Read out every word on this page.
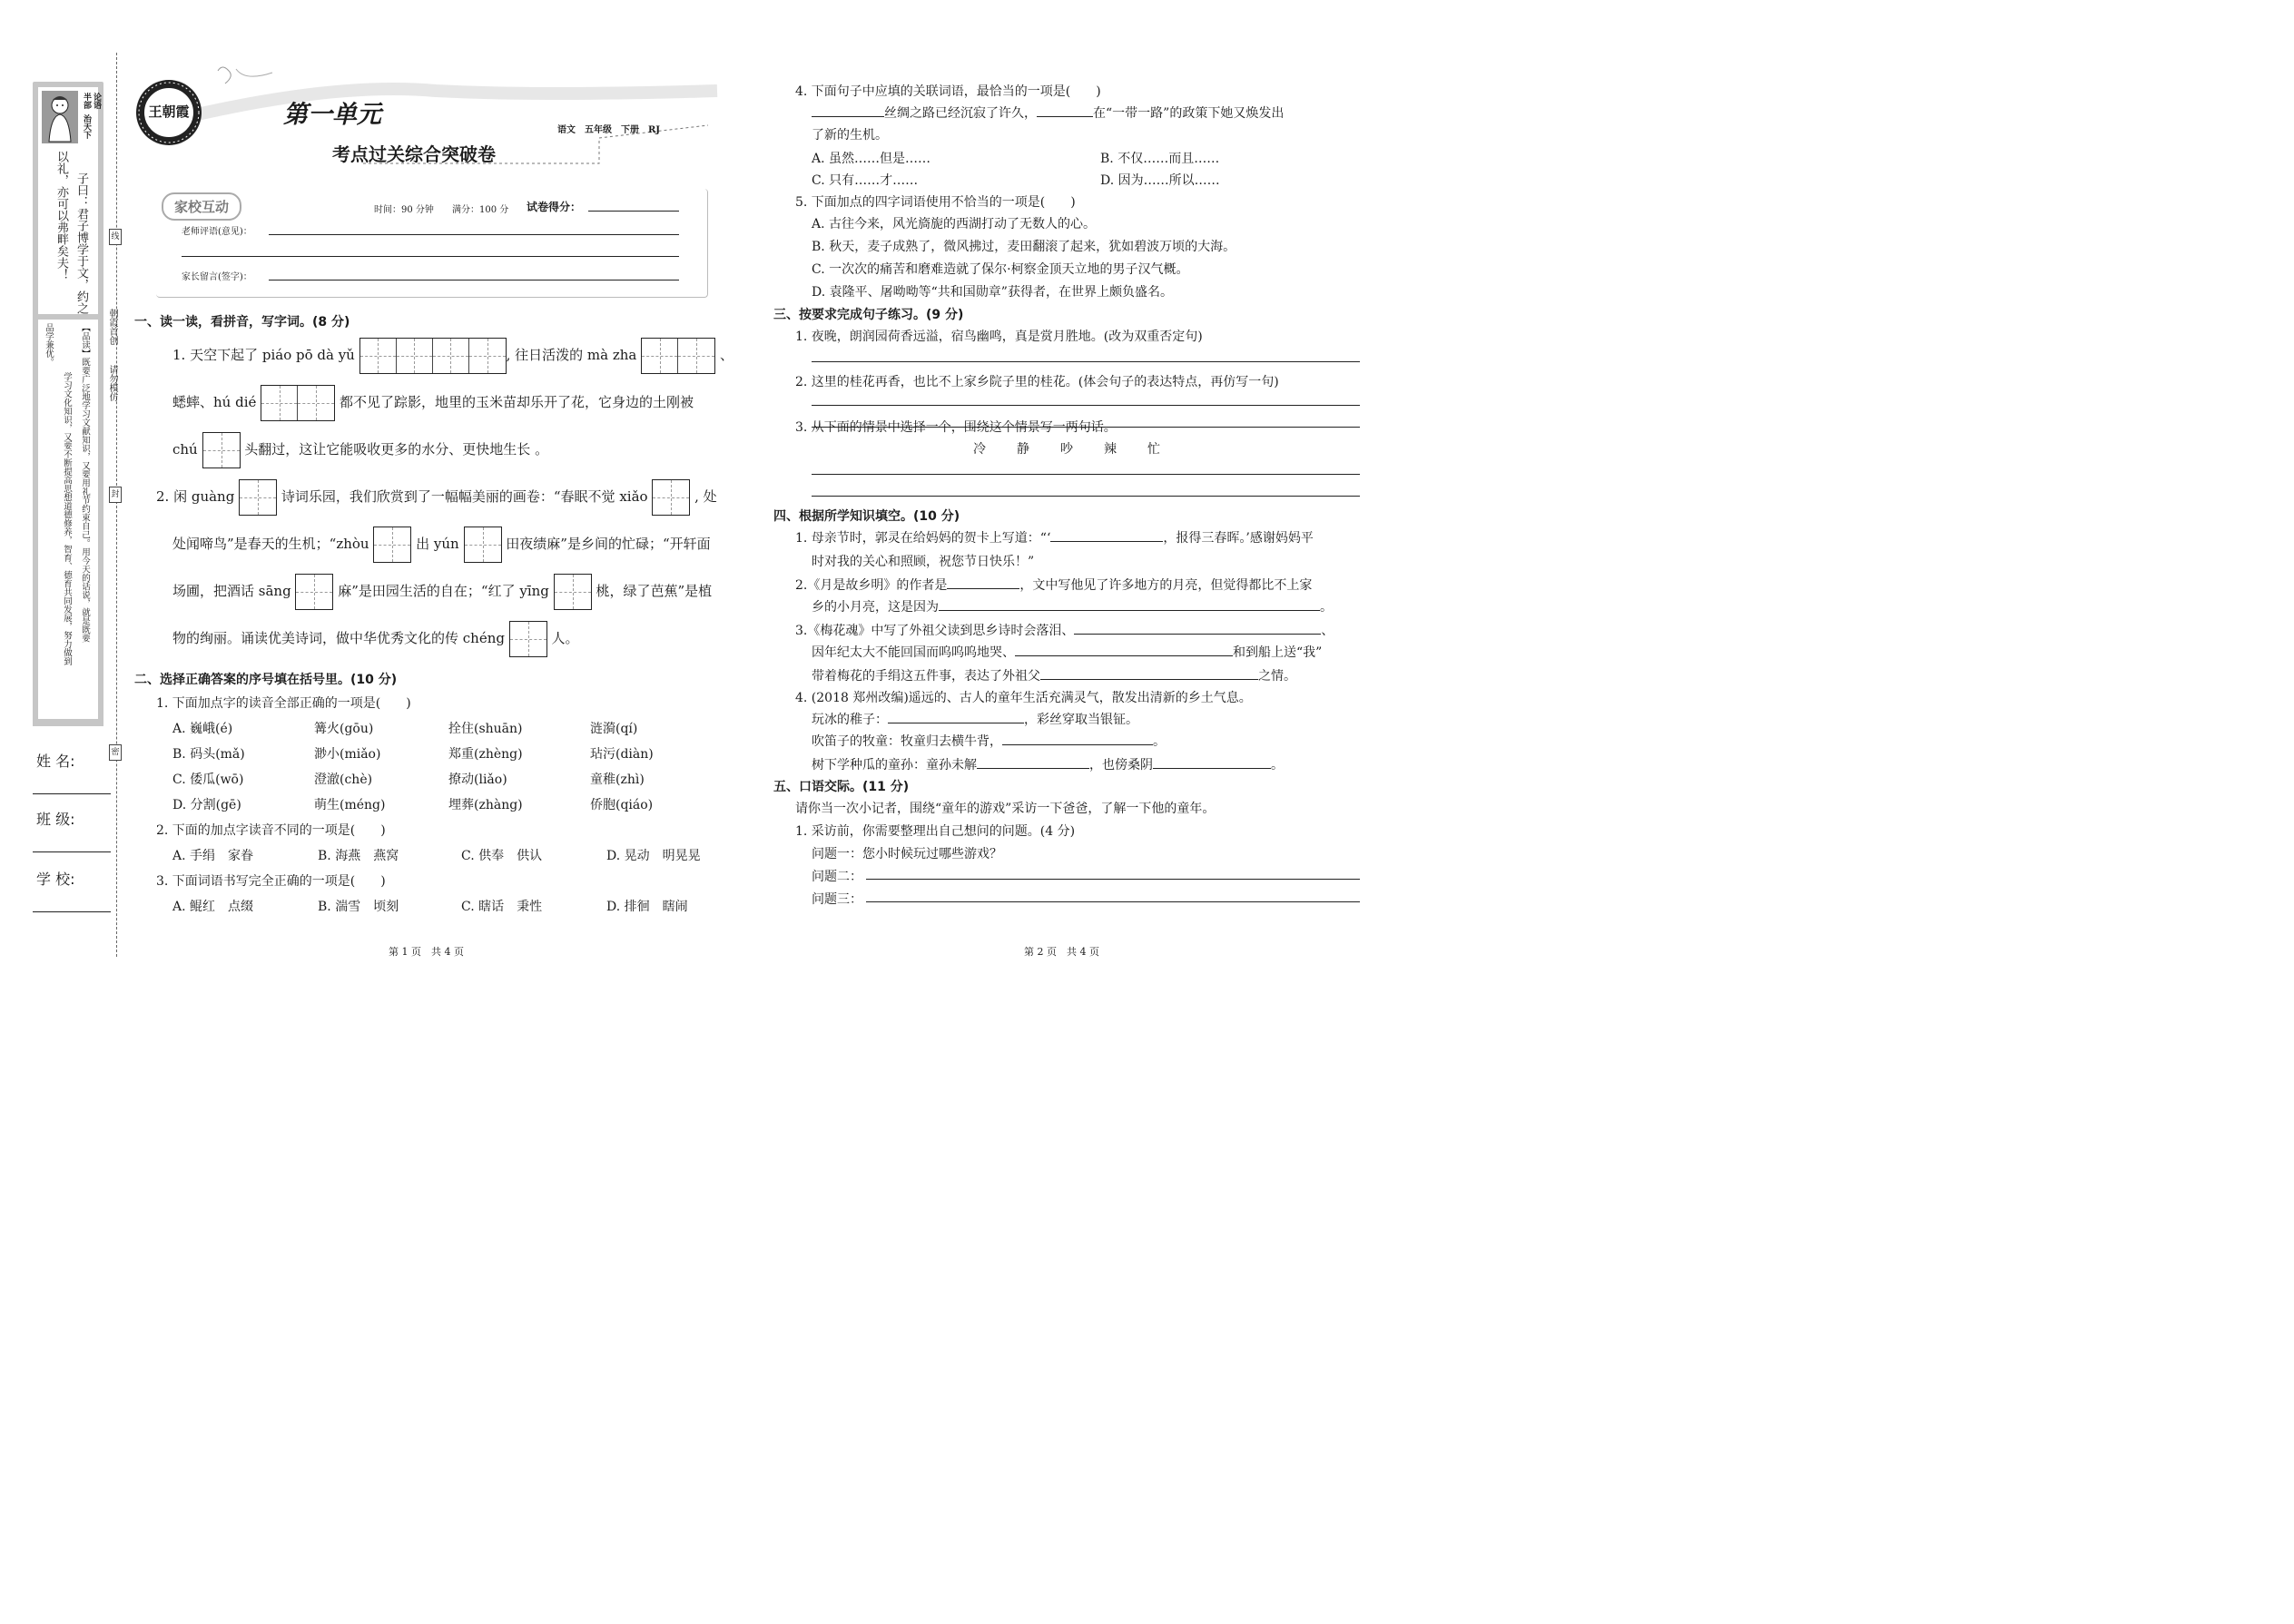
线
封
密
朝霞首创
请勿模仿
半部 论语
治天下
子曰：君子博学于文，约之
以礼，亦可以弗畔矣夫！
【品读】既要广泛地学习文献知识，又要用礼节约束自己。用今天的话说，就是既要
品学兼优。
学习文化知识，又要不断提高思想道德修养，智育、德育共同发展，努力做到
姓 名:
班 级:
学 校:
王朝霞	第一单元
考点过关综合突破卷
语文　五年级　下册　RJ
家校互动	时间：90 分钟 满分：100 分 试卷得分：
老师评语(意见)：
家长留言(签字)：
一、读一读，看拼音，写字词。(8 分)
1. 天空下起了 piáo pō dà yǔ	, 往日活泼的 mà zha	、
蟋蟀、hú dié	都不见了踪影，地里的玉米苗却乐开了花，它身边的土刚被
chú	头翻过，这让它能吸收更多的水分、更快地生长 。
2. 闲 guàng	诗词乐园，我们欣赏到了一幅幅美丽的画卷：“春眠不觉 xiǎo	, 处
处闻啼鸟”是春天的生机；“zhòu	出 yún	田夜绩麻”是乡间的忙碌；“开轩面
场圃，把酒话 sāng	麻”是田园生活的自在；“红了 yīng	桃，绿了芭蕉”是植
物的绚丽。诵读优美诗词，做中华优秀文化的传 chéng	人。
二、选择正确答案的序号填在括号里。(10 分)
1. 下面加点字的读音全部正确的一项是(　　)
A. 巍峨(é)	篝火(gōu)	拴住(shuān)	涟漪(qí)
B. 码头(mǎ)	渺小(miǎo)	郑重(zhèng)	玷污(diàn)
C. 倭瓜(wō)	澄澈(chè)	撩动(liǎo)	童稚(zhì)
D. 分割(gē)	萌生(méng)	埋葬(zhàng)	侨胞(qiáo)
2. 下面的加点字读音不同的一项是(　　)
A. 手绢　家眷	B. 海燕　燕窝	C. 供奉　供认	D. 晃动　明晃晃
3. 下面词语书写完全正确的一项是(　　)
A. 鲲红　点缀	B. 湍雪　顷刻	C. 瞎话　秉性	D. 排徊　瞎闹
第 1 页　共 4 页
4. 下面句子中应填的关联词语，最恰当的一项是(　　)
丝绸之路已经沉寂了许久，	在“一带一路”的政策下她又焕发出
了新的生机。
A. 虽然……但是……	B. 不仅……而且……
C. 只有……才……	D. 因为……所以……
5. 下面加点的四字词语使用不恰当的一项是(　　)
A. 古往今来，风光旖旎的西湖打动了无数人的心。
B. 秋天，麦子成熟了，微风拂过，麦田翻滚了起来，犹如碧波万顷的大海。
C. 一次次的痛苦和磨难造就了保尔·柯察金顶天立地的男子汉气概。
D. 袁隆平、屠呦呦等“共和国勋章”获得者，在世界上颇负盛名。
三、按要求完成句子练习。(9 分)
1. 夜晚，朗润园荷香远溢，宿鸟幽鸣，真是赏月胜地。(改为双重否定句)
2. 这里的桂花再香，也比不上家乡院子里的桂花。(体会句子的表达特点，再仿写一句)
3. 从下面的情景中选择一个，围绕这个情景写一两句话。
冷 静 吵 辣 忙
四、根据所学知识填空。(10 分)
1. 母亲节时，郭灵在给妈妈的贺卡上写道：“‘	，报得三春晖。’感谢妈妈平
时对我的关心和照顾，祝您节日快乐！”
2.《月是故乡明》的作者是	，文中写他见了许多地方的月亮，但觉得都比不上家
乡的小月亮，这是因为	。
3.《梅花魂》中写了外祖父读到思乡诗时会落泪、	、
因年纪太大不能回国而呜呜呜地哭、	和到船上送“我”
带着梅花的手绢这五件事，表达了外祖父	之情。
4. (2018 郑州改编)遥远的、古人的童年生活充满灵气，散发出清新的乡土气息。
玩冰的稚子：	，彩丝穿取当银钲。
吹笛子的牧童：牧童归去横牛背，	。
树下学种瓜的童孙：童孙未解	，也傍桑阴	。
五、口语交际。(11 分)
请你当一次小记者，围绕“童年的游戏”采访一下爸爸，了解一下他的童年。
1. 采访前，你需要整理出自己想问的问题。(4 分)
问题一：您小时候玩过哪些游戏？
问题二：
问题三：
第 2 页　共 4 页
